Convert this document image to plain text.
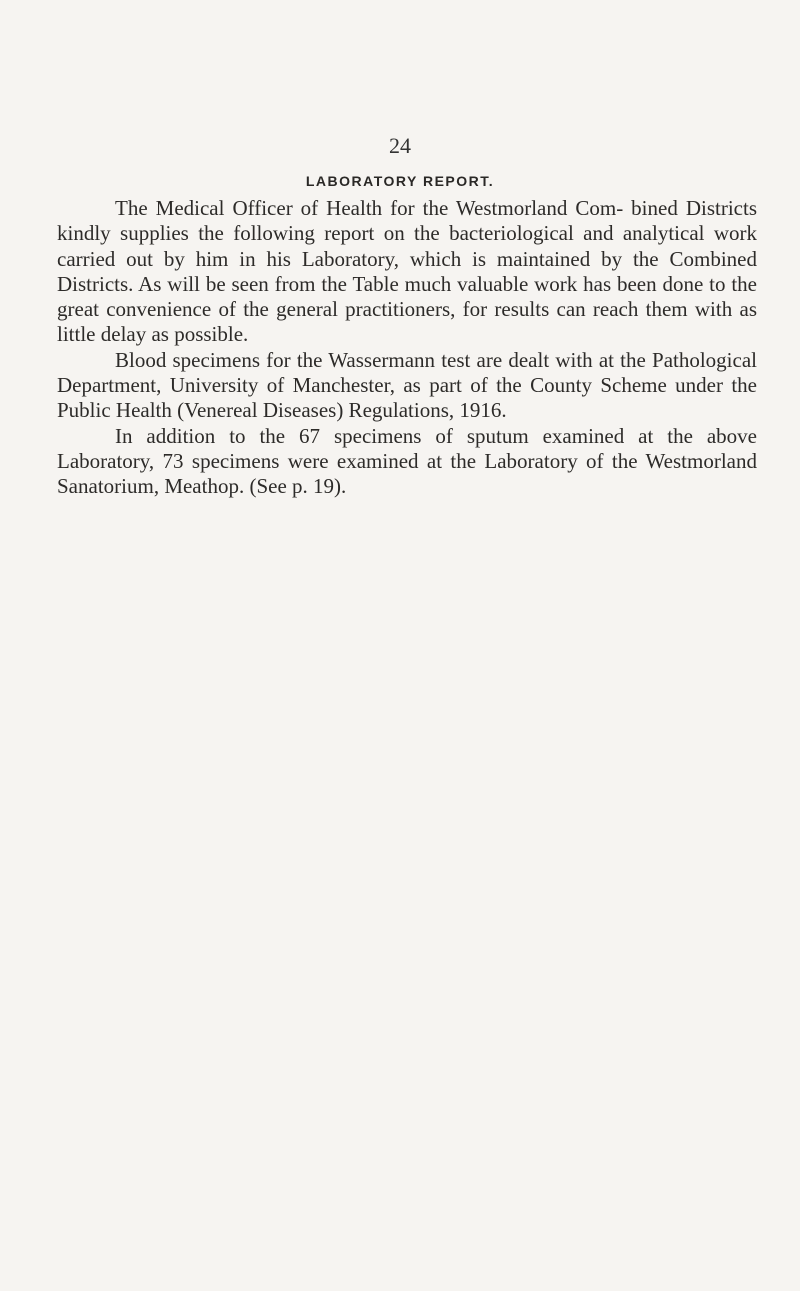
24
LABORATORY REPORT.

The Medical Officer of Health for the Westmorland Com- bined Districts kindly supplies the following report on the bacteriological and analytical work carried out by him in his Laboratory, which is maintained by the Combined Districts. As will be seen from the Table much valuable work has been done to the great convenience of the general practitioners, for results can reach them with as little delay as possible.

Blood specimens for the Wassermann test are dealt with at the Pathological Department, University of Manchester, as part of the County Scheme under the Public Health (Venereal Diseases) Regulations, 1916.

In addition to the 67 specimens of sputum examined at the above Laboratory, 73 specimens were examined at the Laboratory of the Westmorland Sanatorium, Meathop. (See p. 19).
